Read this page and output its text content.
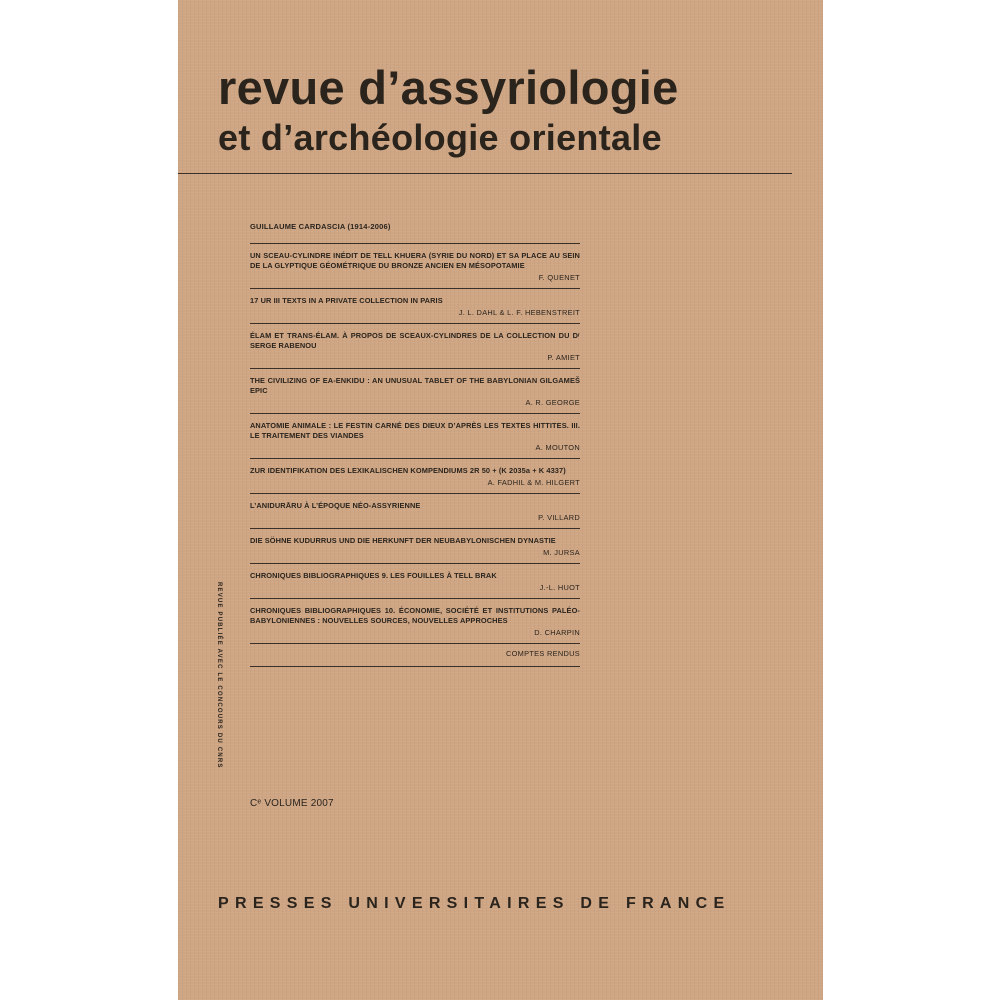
revue d’assyriologie
et d’archéologie orientale
REVUE PUBLIÉE AVEC LE CONCOURS DU CNRS
PRESSES UNIVERSITAIRES DE FRANCE
GUILLAUME CARDASCIA (1914-2006)
UN SCEAU-CYLINDRE INÉDIT DE TELL KHUERA (SYRIE DU NORD) ET SA PLACE AU SEIN DE LA GLYPTIQUE GÉOMÉTRIQUE DU BRONZE ANCIEN EN MÉSOPOTAMIE
F. QUENET
17 UR III TEXTS IN A PRIVATE COLLECTION IN PARIS
J. L. DAHL & L. F. HEBENSTREIT
ÉLAM ET TRANS-ÉLAM. À PROPOS DE SCEAUX-CYLINDRES DE LA COLLECTION DU Dʳ SERGE RABENOU
P. AMIET
THE CIVILIZING OF EA-ENKIDU : AN UNUSUAL TABLET OF THE BABYLONIAN GILGAMEŠ EPIC
A. R. GEORGE
ANATOMIE ANIMALE : LE FESTIN CARNÉ DES DIEUX D’APRÈS LES TEXTES HITTITES. III. LE TRAITEMENT DES VIANDES
A. MOUTON
ZUR IDENTIFIKATION DES LEXIKALISCHEN KOMPENDIUMS 2R 50 + (K 2035a + K 4337)
A. FADHIL & M. HILGERT
L’ANIDURĀRU À L’ÉPOQUE NÉO-ASSYRIENNE
P. VILLARD
DIE SÖHNE KUDURRUS UND DIE HERKUNFT DER NEUBABYLONISCHEN DYNASTIE
M. JURSA
CHRONIQUES BIBLIOGRAPHIQUES 9. LES FOUILLES À TELL BRAK
J.-L. HUOT
CHRONIQUES BIBLIOGRAPHIQUES 10. ÉCONOMIE, SOCIÉTÉ ET INSTITUTIONS PALÉO-BABYLONIENNES : NOUVELLES SOURCES, NOUVELLES APPROCHES
D. CHARPIN
COMPTES RENDUS
Cᵉ VOLUME 2007
